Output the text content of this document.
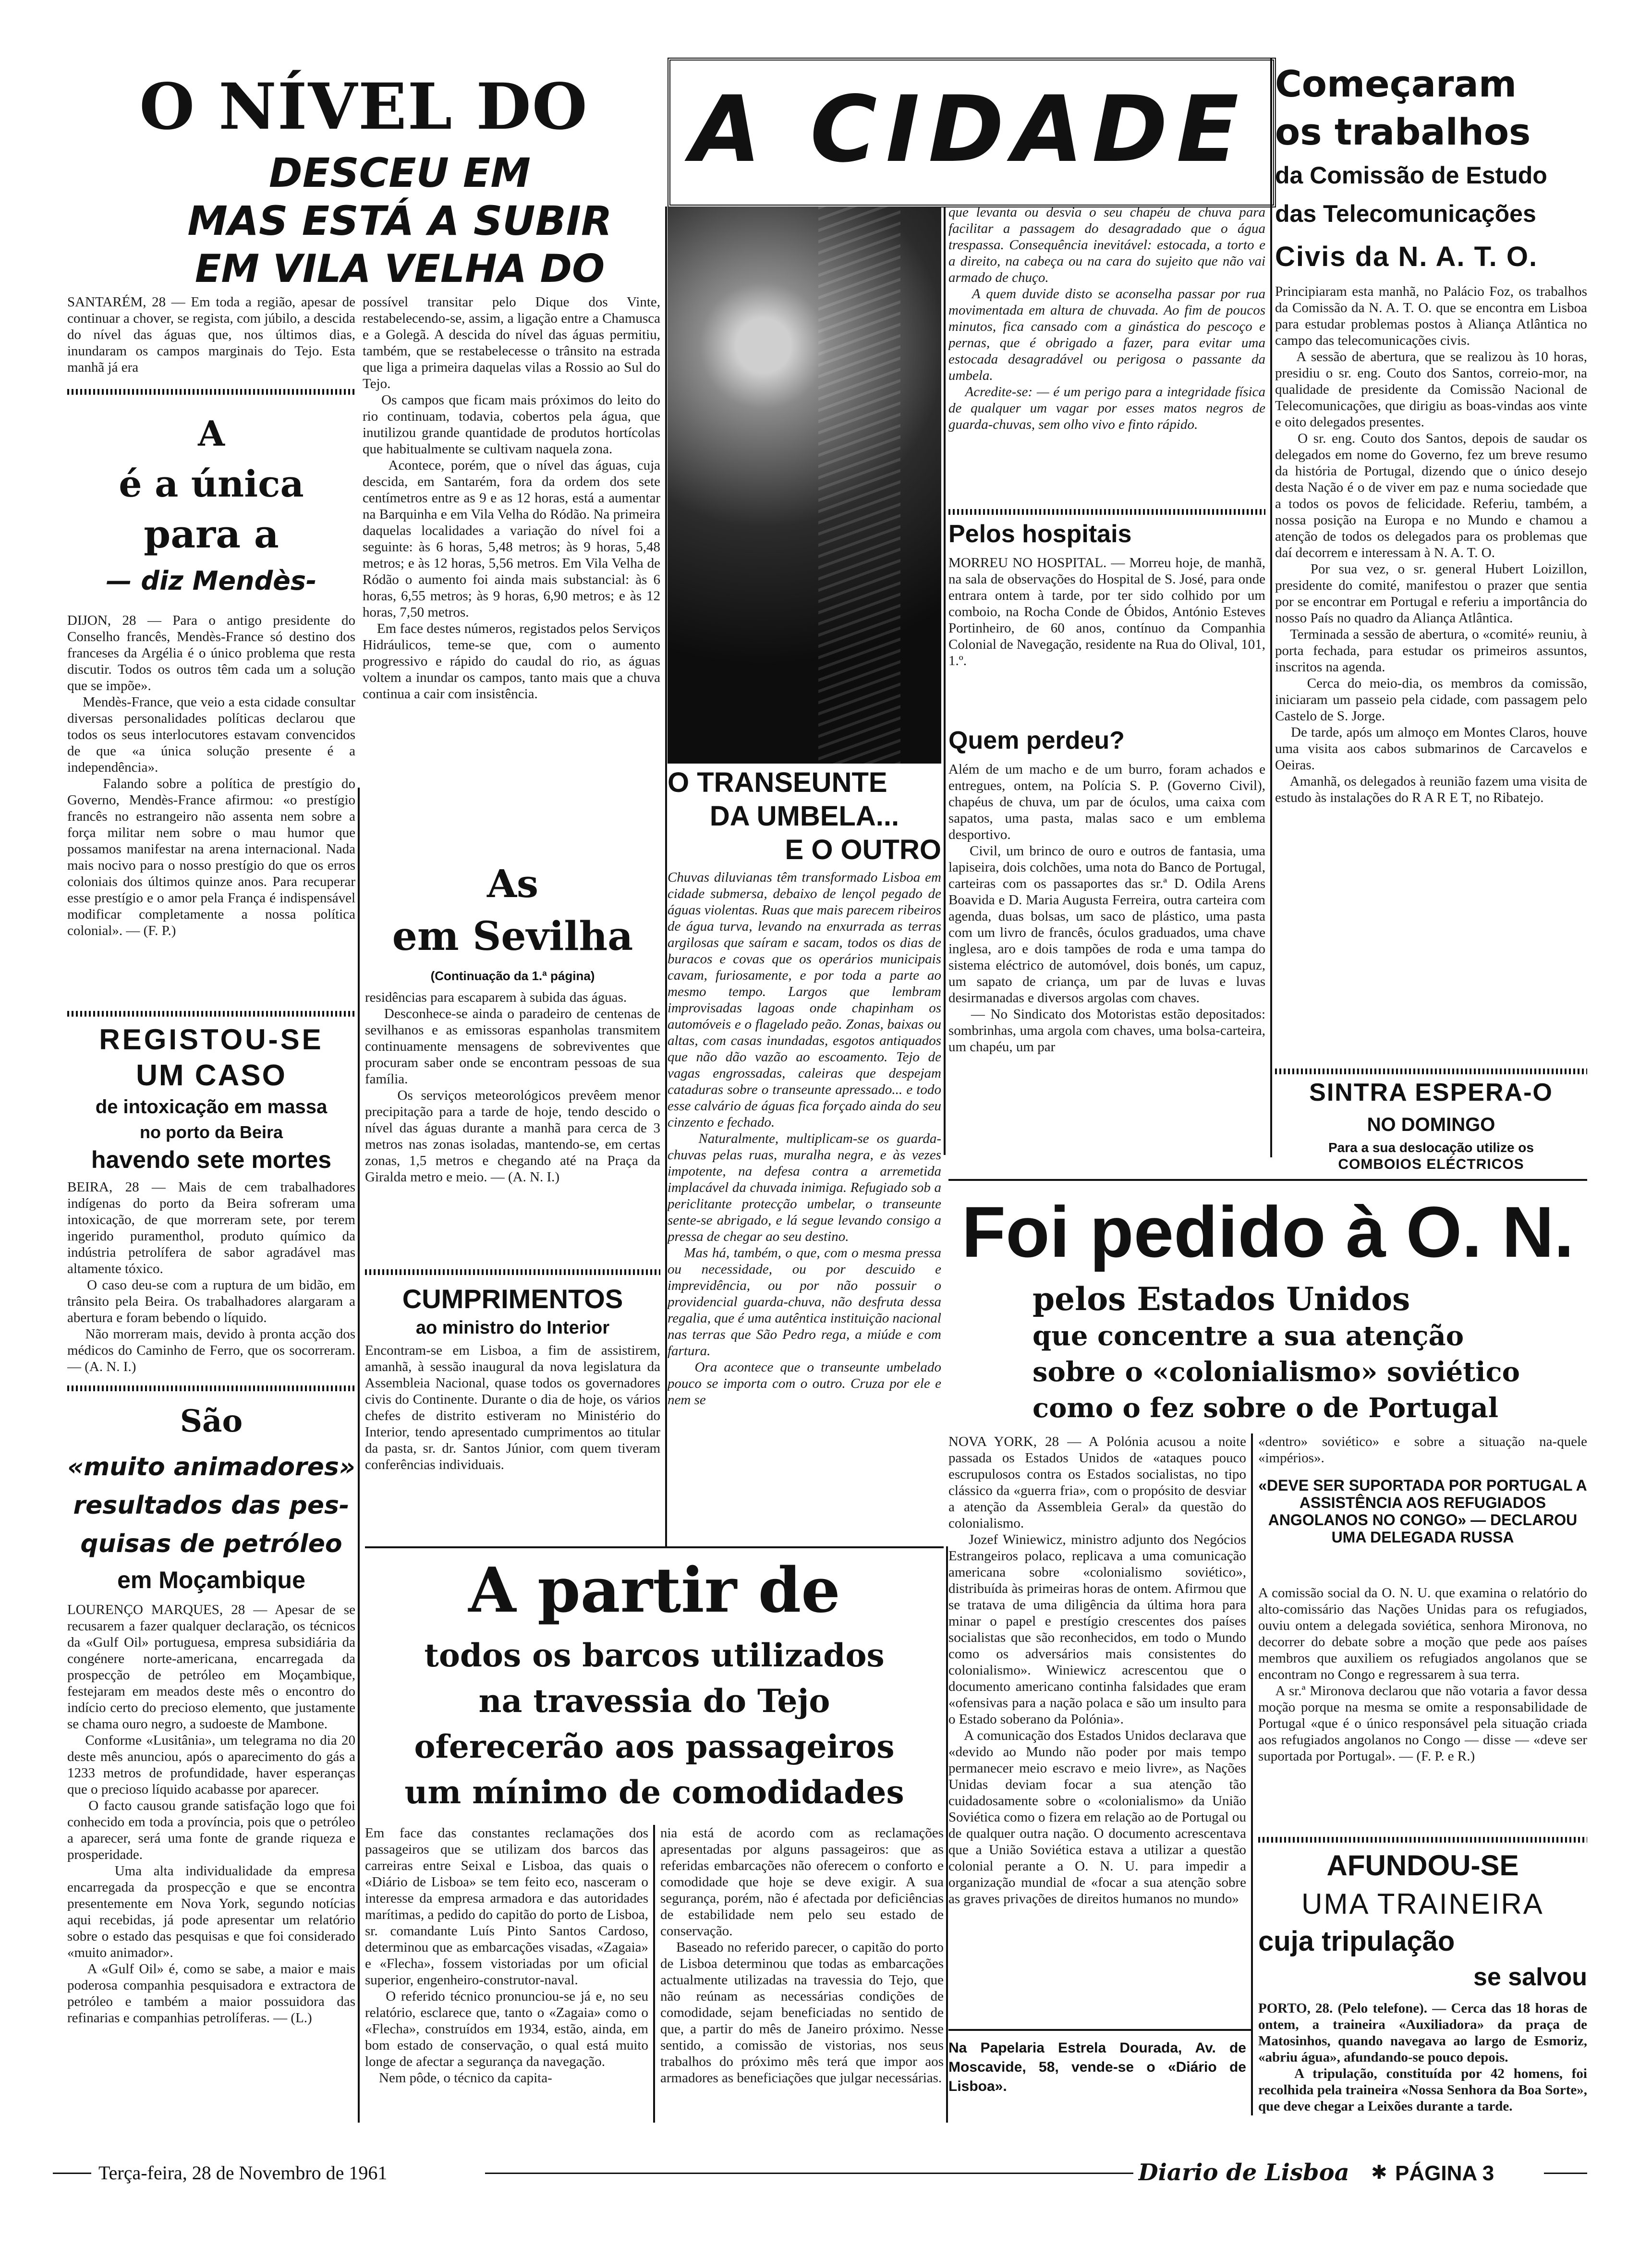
O NÍVEL DO
DESCEU EM
MAS ESTÁ A SUBIR
EM VILA VELHA DO
SANTARÉM, 28 — Em toda a região, apesar de continuar a chover, se regista, com júbilo, a descida do nível das águas que, nos últimos dias, inundaram os campos marginais do Tejo. Esta manhã já era
possível transitar pelo Dique dos Vinte, restabelecendo-se, assim, a ligação entre a Chamusca e a Golegã. A descida do nível das águas permitiu, também, que se restabelecesse o trânsito na estrada que liga a primeira daquelas vilas a Rossio ao Sul do Tejo.
Os campos que ficam mais próximos do leito do rio continuam, todavia, cobertos pela água, que inutilizou grande quantidade de produtos hortícolas que habitualmente se cultivam naquela zona.
Acontece, porém, que o nível das águas, cuja descida, em Santarém, fora da ordem dos sete centímetros entre as 9 e as 12 horas, está a aumentar na Barquinha e em Vila Velha do Ródão. Na primeira daquelas localidades a variação do nível foi a seguinte: às 6 horas, 5,48 metros; às 9 horas, 5,48 metros; e às 12 horas, 5,56 metros. Em Vila Velha de Ródão o aumento foi ainda mais substancial: às 6 horas, 6,55 metros; às 9 horas, 6,90 metros; e às 12 horas, 7,50 metros.
Em face destes números, registados pelos Serviços Hidráulicos, teme-se que, com o aumento progressivo e rápido do caudal do rio, as águas voltem a inundar os campos, tanto mais que a chuva continua a cair com insistência.
A
é a única
para a
— diz Mendès-
DIJON, 28 — Para o antigo presidente do Conselho francês, Mendès-France só destino dos franceses da Argélia é o único problema que resta discutir. Todos os outros têm cada um a solução que se impõe».
Mendès-France, que veio a esta cidade consultar diversas personalidades políticas declarou que todos os seus interlocutores estavam convencidos de que «a única solução presente é a independência».
Falando sobre a política de prestígio do Governo, Mendès-France afirmou: «o prestígio francês no estrangeiro não assenta nem sobre a força militar nem sobre o mau humor que possamos manifestar na arena internacional. Nada mais nocivo para o nosso prestígio do que os erros coloniais dos últimos quinze anos. Para recuperar esse prestígio e o amor pela França é indispensável modificar completamente a nossa política colonial». — (F. P.)
REGISTOU-SE
UM CASO
de intoxicação em massa
no porto da Beira
havendo sete mortes
BEIRA, 28 — Mais de cem trabalhadores indígenas do porto da Beira sofreram uma intoxicação, de que morreram sete, por terem ingerido puramenthol, produto químico da indústria petrolífera de sabor agradável mas altamente tóxico.
O caso deu-se com a ruptura de um bidão, em trânsito pela Beira. Os trabalhadores alargaram a abertura e foram bebendo o líquido.
Não morreram mais, devido à pronta acção dos médicos do Caminho de Ferro, que os socorreram. — (A. N. I.)
São
«muito animadores»
resultados das pes-
quisas de petróleo
em Moçambique
LOURENÇO MARQUES, 28 — Apesar de se recusarem a fazer qualquer declaração, os técnicos da «Gulf Oil» portuguesa, empresa subsidiária da congénere norte-americana, encarregada da prospecção de petróleo em Moçambique, festejaram em meados deste mês o encontro do indício certo do precioso elemento, que justamente se chama ouro negro, a sudoeste de Mambone.
Conforme «Lusitânia», um telegrama no dia 20 deste mês anunciou, após o aparecimento do gás a 1233 metros de profundidade, haver esperanças que o precioso líquido acabasse por aparecer.
O facto causou grande satisfação logo que foi conhecido em toda a província, pois que o petróleo a aparecer, será uma fonte de grande riqueza e prosperidade.
Uma alta individualidade da empresa encarregada da prospecção e que se encontra presentemente em Nova York, segundo notícias aqui recebidas, já pode apresentar um relatório sobre o estado das pesquisas e que foi considerado «muito animador».
A «Gulf Oil» é, como se sabe, a maior e mais poderosa companhia pesquisadora e extractora de petróleo e também a maior possuidora das refinarias e companhias petrolíferas. — (L.)
As
em Sevilha
(Continuação da 1.ª página)
residências para escaparem à subida das águas.
Desconhece-se ainda o paradeiro de centenas de sevilhanos e as emissoras espanholas transmitem continuamente mensagens de sobreviventes que procuram saber onde se encontram pessoas de sua família.
Os serviços meteorológicos prevêem menor precipitação para a tarde de hoje, tendo descido o nível das águas durante a manhã para cerca de 3 metros nas zonas isoladas, mantendo-se, em certas zonas, 1,5 metros e chegando até na Praça da Giralda metro e meio. — (A. N. I.)
CUMPRIMENTOS
ao ministro do Interior
Encontram-se em Lisboa, a fim de assistirem, amanhã, à sessão inaugural da nova legislatura da Assembleia Nacional, quase todos os governadores civis do Continente. Durante o dia de hoje, os vários chefes de distrito estiveram no Ministério do Interior, tendo apresentado cumprimentos ao titular da pasta, sr. dr. Santos Júnior, com quem tiveram conferências individuais.
A CIDADE
que levanta ou desvia o seu chapéu de chuva para facilitar a passagem do desagradado que o água trespassa. Consequência inevitável: estocada, a torto e a direito, na cabeça ou na cara do sujeito que não vai armado de chuço.
A quem duvide disto se aconselha passar por rua movimentada em altura de chuvada. Ao fim de poucos minutos, fica cansado com a ginástica do pescoço e pernas, que é obrigado a fazer, para evitar uma estocada desagradável ou perigosa o passante da umbela.
Acredite-se: — é um perigo para a integridade física de qualquer um vagar por esses matos negros de guarda-chuvas, sem olho vivo e finto rápido.
O TRANSEUNTE
DA UMBELA...
E O OUTRO
Chuvas diluvianas têm transformado Lisboa em cidade submersa, debaixo de lençol pegado de águas violentas. Ruas que mais parecem ribeiros de água turva, levando na enxurrada as terras argilosas que saíram e sacam, todos os dias de buracos e covas que os operários municipais cavam, furiosamente, e por toda a parte ao mesmo tempo. Largos que lembram improvisadas lagoas onde chapinham os automóveis e o flagelado peão. Zonas, baixas ou altas, com casas inundadas, esgotos antiquados que não dão vazão ao escoamento. Tejo de vagas engrossadas, caleiras que despejam cataduras sobre o transeunte apressado... e todo esse calvário de águas fica forçado ainda do seu cinzento e fechado.
Naturalmente, multiplicam-se os guarda-chuvas pelas ruas, muralha negra, e às vezes impotente, na defesa contra a arremetida implacável da chuvada inimiga. Refugiado sob a periclitante protecção umbelar, o transeunte sente-se abrigado, e lá segue levando consigo a pressa de chegar ao seu destino.
Mas há, também, o que, com o mesma pressa ou necessidade, ou por descuido e imprevidência, ou por não possuir o providencial guarda-chuva, não desfruta dessa regalia, que é uma autêntica instituição nacional nas terras que São Pedro rega, a miúde e com fartura.
Ora acontece que o transeunte umbelado pouco se importa com o outro. Cruza por ele e nem se
Pelos hospitais
MORREU NO HOSPITAL. — Morreu hoje, de manhã, na sala de observações do Hospital de S. José, para onde entrara ontem à tarde, por ter sido colhido por um comboio, na Rocha Conde de Óbidos, António Esteves Portinheiro, de 60 anos, contínuo da Companhia Colonial de Navegação, residente na Rua do Olival, 101, 1.º.
Quem perdeu?
Além de um macho e de um burro, foram achados e entregues, ontem, na Polícia S. P. (Governo Civil), chapéus de chuva, um par de óculos, uma caixa com sapatos, uma pasta, malas saco e um emblema desportivo.
Civil, um brinco de ouro e outros de fantasia, uma lapiseira, dois colchões, uma nota do Banco de Portugal, carteiras com os passaportes das sr.ª D. Odila Arens Boavida e D. Maria Augusta Ferreira, outra carteira com agenda, duas bolsas, um saco de plástico, uma pasta com um livro de francês, óculos graduados, uma chave inglesa, aro e dois tampões de roda e uma tampa do sistema eléctrico de automóvel, dois bonés, um capuz, um sapato de criança, um par de luvas e luvas desirmanadas e diversos argolas com chaves.
— No Sindicato dos Motoristas estão depositados: sombrinhas, uma argola com chaves, uma bolsa-carteira, um chapéu, um par
Começaram
os trabalhos
da Comissão de Estudo
das Telecomunicações
Civis da N. A. T. O.
Principiaram esta manhã, no Palácio Foz, os trabalhos da Comissão da N. A. T. O. que se encontra em Lisboa para estudar problemas postos à Aliança Atlântica no campo das telecomunicações civis.
A sessão de abertura, que se realizou às 10 horas, presidiu o sr. eng. Couto dos Santos, correio-mor, na qualidade de presidente da Comissão Nacional de Telecomunicações, que dirigiu as boas-vindas aos vinte e oito delegados presentes.
O sr. eng. Couto dos Santos, depois de saudar os delegados em nome do Governo, fez um breve resumo da história de Portugal, dizendo que o único desejo desta Nação é o de viver em paz e numa sociedade que a todos os povos de felicidade. Referiu, também, a nossa posição na Europa e no Mundo e chamou a atenção de todos os delegados para os problemas que daí decorrem e interessam à N. A. T. O.
Por sua vez, o sr. general Hubert Loizillon, presidente do comité, manifestou o prazer que sentia por se encontrar em Portugal e referiu a importância do nosso País no quadro da Aliança Atlântica.
Terminada a sessão de abertura, o «comité» reuniu, à porta fechada, para estudar os primeiros assuntos, inscritos na agenda.
Cerca do meio-dia, os membros da comissão, iniciaram um passeio pela cidade, com passagem pelo Castelo de S. Jorge.
De tarde, após um almoço em Montes Claros, houve uma visita aos cabos submarinos de Carcavelos e Oeiras.
Amanhã, os delegados à reunião fazem uma visita de estudo às instalações do R A R E T, no Ribatejo.
SINTRA ESPERA-O
NO DOMINGO
Para a sua deslocação utilize os
COMBOIOS ELÉCTRICOS
Foi pedido à O. N.
pelos Estados Unidos
que concentre a sua atenção
sobre o «colonialismo» soviético
como o fez sobre o de Portugal
NOVA YORK, 28 — A Polónia acusou a noite passada os Estados Unidos de «ataques pouco escrupulosos contra os Estados socialistas, no tipo clássico da «guerra fria», com o propósito de desviar a atenção da Assembleia Geral» da questão do colonialismo.
Jozef Winiewicz, ministro adjunto dos Negócios Estrangeiros polaco, replicava a uma comunicação americana sobre «colonialismo soviético», distribuída às primeiras horas de ontem. Afirmou que se tratava de uma diligência da última hora para minar o papel e prestígio crescentes dos países socialistas que são reconhecidos, em todo o Mundo como os adversários mais consistentes do colonialismo». Winiewicz acrescentou que o documento americano continha falsidades que eram «ofensivas para a nação polaca e são um insulto para o Estado soberano da Polónia».
A comunicação dos Estados Unidos declarava que «devido ao Mundo não poder por mais tempo permanecer meio escravo e meio livre», as Nações Unidas deviam focar a sua atenção tão cuidadosamente sobre o «colonialismo» da União Soviética como o fizera em relação ao de Portugal ou de qualquer outra nação. O documento acrescentava que a União Soviética estava a utilizar a questão colonial perante a O. N. U. para impedir a organização mundial de «focar a sua atenção sobre as graves privações de direitos humanos no mundo»
«dentro» soviético» e sobre a situação na-quele «impérios».
«DEVE SER SUPORTADA POR PORTUGAL A ASSISTÊNCIA AOS REFUGIADOS ANGOLANOS NO CONGO» — DECLAROU UMA DELEGADA RUSSA
A comissão social da O. N. U. que examina o relatório do alto-comissário das Nações Unidas para os refugiados, ouviu ontem a delegada soviética, senhora Mironova, no decorrer do debate sobre a moção que pede aos países membros que auxiliem os refugiados angolanos que se encontram no Congo e regressarem à sua terra.
A sr.ª Mironova declarou que não votaria a favor dessa moção porque na mesma se omite a responsabilidade de Portugal «que é o único responsável pela situação criada aos refugiados angolanos no Congo — disse — «deve ser suportada por Portugal». — (F. P. e R.)
AFUNDOU-SE
UMA TRAINEIRA
cuja tripulação
se salvou
PORTO, 28. (Pelo telefone). — Cerca das 18 horas de ontem, a traineira «Auxiliadora» da praça de Matosinhos, quando navegava ao largo de Esmoriz, «abriu água», afundando-se pouco depois.
A tripulação, constituída por 42 homens, foi recolhida pela traineira «Nossa Senhora da Boa Sorte», que deve chegar a Leixões durante a tarde.
A partir de
todos os barcos utilizados
na travessia do Tejo
oferecerão aos passageiros
um mínimo de comodidades
Em face das constantes reclamações dos passageiros que se utilizam dos barcos das carreiras entre Seixal e Lisboa, das quais o «Diário de Lisboa» se tem feito eco, nasceram o interesse da empresa armadora e das autoridades marítimas, a pedido do capitão do porto de Lisboa, sr. comandante Luís Pinto Santos Cardoso, determinou que as embarcações visadas, «Zagaia» e «Flecha», fossem vistoriadas por um oficial superior, engenheiro-construtor-naval.
O referido técnico pronunciou-se já e, no seu relatório, esclarece que, tanto o «Zagaia» como o «Flecha», construídos em 1934, estão, ainda, em bom estado de conservação, o qual está muito longe de afectar a segurança da navegação.
Nem pôde, o técnico da capita-
nia está de acordo com as reclamações apresentadas por alguns passageiros: que as referidas embarcações não oferecem o conforto e comodidade que hoje se deve exigir. A sua segurança, porém, não é afectada por deficiências de estabilidade nem pelo seu estado de conservação.
Baseado no referido parecer, o capitão do porto de Lisboa determinou que todas as embarcações actualmente utilizadas na travessia do Tejo, que não reúnam as necessárias condições de comodidade, sejam beneficiadas no sentido de que, a partir do mês de Janeiro próximo. Nesse sentido, a comissão de vistorias, nos seus trabalhos do próximo mês terá que impor aos armadores as beneficiações que julgar necessárias.
Na Papelaria Estrela Dourada, Av. de Moscavide, 58, vende-se o «Diário de Lisboa».
Terça-feira, 28 de Novembro de 1961	Diario de Lisboa	✱ PÁGINA 3
